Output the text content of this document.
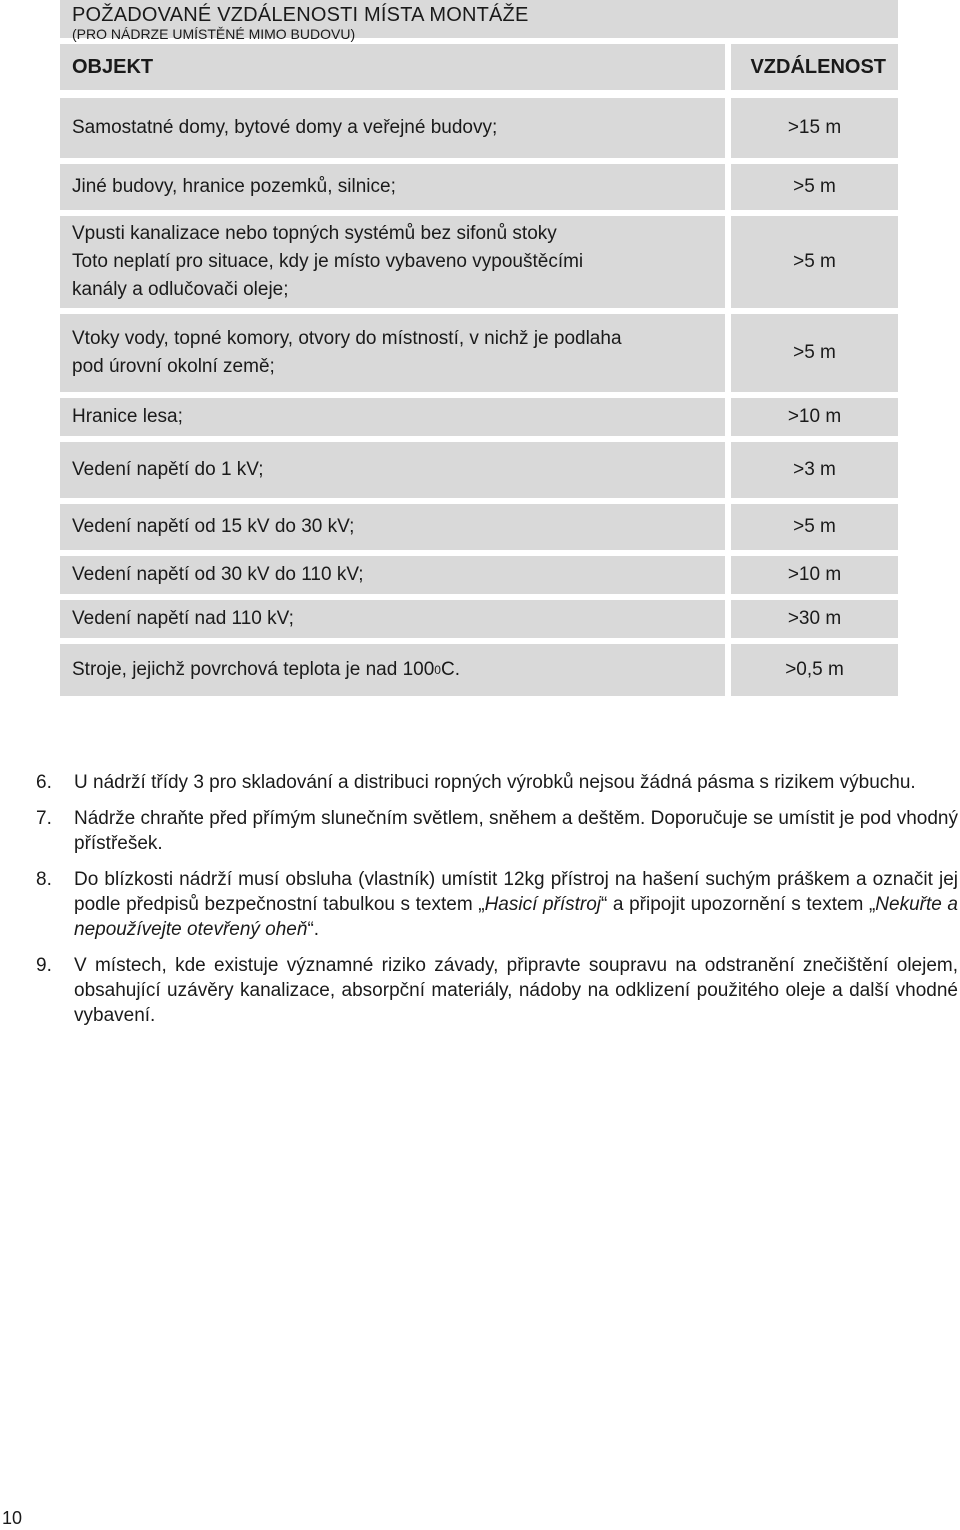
POŽADOVANÉ VZDÁLENOSTI MÍSTA MONTÁŽE
(PRO NÁDRZE UMÍSTĚNÉ MIMO BUDOVU)
OBJEKT	VZDÁLENOST
Samostatné domy, bytové domy a veřejné budovy;	>15 m
Jiné budovy, hranice pozemků, silnice;	>5 m
Vpusti kanalizace nebo topných systémů bez sifonů stoky
Toto neplatí pro situace, kdy je místo vybaveno vypouštěcími
kanály a odlučovači oleje;
>5 m
Vtoky vody, topné komory, otvory do místností, v nichž je podlaha
pod úrovní okolní země;
>5 m
Hranice lesa;	>10 m
Vedení napětí do 1 kV;	>3 m
Vedení napětí od 15 kV do 30 kV;	>5 m
Vedení napětí od 30 kV do 110 kV;	>10 m
Vedení napětí nad 110 kV;	>30 m
Stroje, jejichž povrchová teplota je nad 100 0 C.	>0,5 m
6.	U nádrží třídy 3 pro skladování a distribuci ropných výrobků nejsou žádná pásma s rizikem výbuchu.
7.	Nádrže chraňte před přímým slunečním světlem, sněhem a deštěm. Doporučuje se umístit je pod vhodný přístřešek.
8.	Do blízkosti nádrží musí obsluha (vlastník) umístit 12kg přístroj na hašení suchým práškem a označit jej podle předpisů bezpečnostní tabulkou s textem „Hasicí přístroj“ a připojit upozornění s textem „Nekuřte a nepoužívejte otevřený oheň“.
9.	V místech, kde existuje významné riziko závady, připravte soupravu na odstranění znečištění olejem, obsahující uzávěry kanalizace, absorpční materiály, nádoby na odklizení použitého oleje a další vhodné vybavení.
10
